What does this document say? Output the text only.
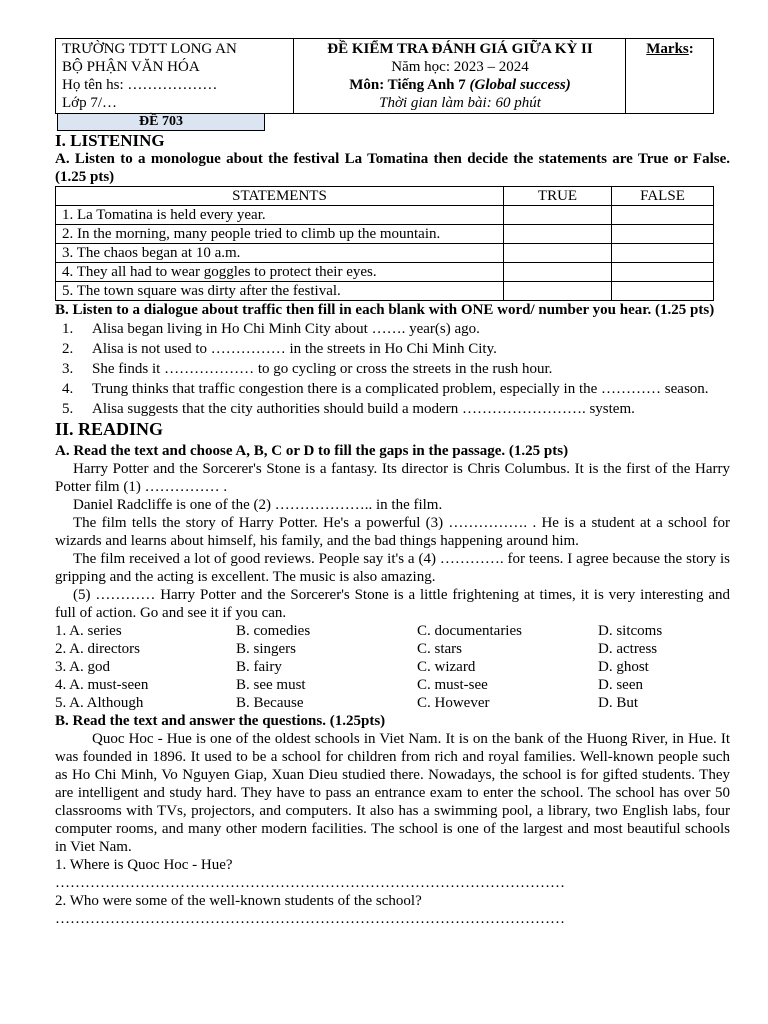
TRƯỜNG TDTT LONG AN
BỘ PHẬN VĂN HÓA
Họ tên hs: ………………
Lớp 7/…

ĐỀ KIỂM TRA ĐÁNH GIÁ GIỮA KỲ II
Năm học: 2023 – 2024
Môn: Tiếng Anh 7 (Global success)
Thời gian làm bài: 60 phút
	Marks:
ĐỀ 703
I. LISTENING
A. Listen to a monologue about the festival La Tomatina then decide the statements are True or False. (1.25 pts)
STATEMENTS	TRUE	FALSE
1. La Tomatina is held every year.		
2. In the morning, many people tried to climb up the mountain.		
3. The chaos began at 10 a.m.		
4. They all had to wear goggles to protect their eyes.		
5. The town square was dirty after the festival.		
B. Listen to a dialogue about traffic then fill in each blank with ONE word/ number you hear. (1.25 pts)
1. Alisa began living in Ho Chi Minh City about ……. year(s) ago.
2. Alisa is not used to …………… in the streets in Ho Chi Minh City.
3. She finds it ……………… to go cycling or cross the streets in the rush hour.
4. Trung thinks that traffic congestion there is a complicated problem, especially in the ………… season.
5. Alisa suggests that the city authorities should build a modern ……………………. system.
II. READING
A. Read the text and choose A, B, C or D to fill the gaps in the passage. (1.25 pts)

Harry Potter and the Sorcerer's Stone is a fantasy. Its director is Chris Columbus. It is the first of the Harry Potter film (1) …………… .

Daniel Radcliffe is one of the (2) ……………….. in the film.

The film tells the story of Harry Potter. He's a powerful (3) ……………. . He is a student at a school for wizards and learns about himself, his family, and the bad things happening around him.

The film received a lot of good reviews. People say it's a (4) …………. for teens. I agree because the story is gripping and the acting is excellent. The music is also amazing.

(5) ………… Harry Potter and the Sorcerer's Stone is a little frightening at times, it is very interesting and full of action. Go and see it if you can.

1. A. series	B. comedies	C. documentaries	D. sitcoms
2. A. directors	B. singers	C. stars	D. actress
3. A. god	B. fairy	C. wizard	D. ghost
4. A. must-seen	B. see must	C. must-see	D. seen
5. A. Although	B. Because	C. However	D. But
B. Read the text and answer the questions. (1.25pts)

Quoc Hoc - Hue is one of the oldest schools in Viet Nam. It is on the bank of the Huong River, in Hue. It was founded in 1896. It used to be a school for children from rich and royal families. Well-known people such as Ho Chi Minh, Vo Nguyen Giap, Xuan Dieu studied there. Nowadays, the school is for gifted students. They are intelligent and study hard. They have to pass an entrance exam to enter the school. The school has over 50 classrooms with TVs, projectors, and computers. It also has a swimming pool, a library, two English labs, four computer rooms, and many other modern facilities. The school is one of the largest and most beautiful schools in Viet Nam.

1. Where is Quoc Hoc - Hue?
…………………………………………………………………………………………
2. Who were some of the well-known students of the school?
…………………………………………………………………………………………
